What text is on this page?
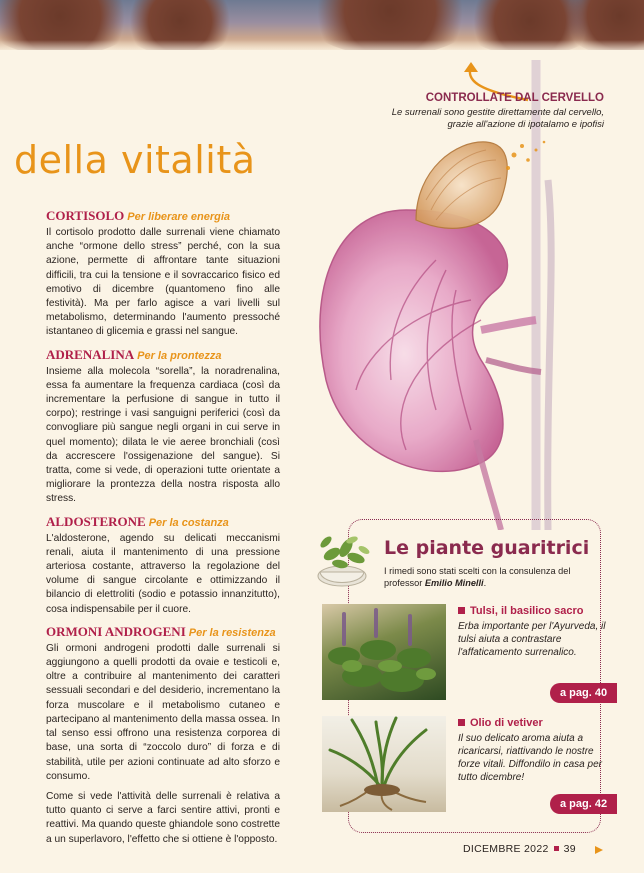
della vitalità
CONTROLLATE DAL CERVELLO
Le surrenali sono gestite direttamente dal cervello, grazie all'azione di ipotalamo e ipofisi
CORTISOLO Per liberare energia

Il cortisolo prodotto dalle surrenali viene chiamato anche “ormone dello stress” perché, con la sua azione, permette di affrontare tante situazioni difficili, tra cui la tensione e il sovraccarico fisico ed emotivo di dicembre (quantomeno fino alle festività). Ma per farlo agisce a vari livelli sul metabolismo, determinando l'aumento pressoché istantaneo di glicemia e grassi nel sangue.

ADRENALINA Per la prontezza

Insieme alla molecola “sorella”, la noradrenalina, essa fa aumentare la frequenza cardiaca (così da incrementare la perfusione di sangue in tutto il corpo); restringe i vasi sanguigni periferici (così da convogliare più sangue negli organi in cui serve in quel momento); dilata le vie aeree bronchiali (così da accrescere l'ossigenazione del sangue). Si tratta, come si vede, di operazioni tutte orientate a migliorare la prontezza della nostra risposta allo stress.

ALDOSTERONE Per la costanza

L'aldosterone, agendo su delicati meccanismi renali, aiuta il mantenimento di una pressione arteriosa costante, attraverso la regolazione del volume di sangue circolante e ottimizzando il bilancio di elettroliti (sodio e potassio innanzitutto), cosa indispensabile per il cuore.

ORMONI ANDROGENI Per la resistenza

Gli ormoni androgeni prodotti dalle surrenali si aggiungono a quelli prodotti da ovaie e testicoli e, oltre a contribuire al mantenimento dei caratteri sessuali secondari e del desiderio, incrementano la forza muscolare e il metabolismo cutaneo e partecipano al mantenimento della massa ossea. In tal senso essi offrono una resistenza corporea di base, una sorta di “zoccolo duro” di forza e di stabilità, utile per azioni continuate ad alto sforzo e consumo.

Come si vede l'attività delle surrenali è relativa a tutto quanto ci serve a farci sentire attivi, pronti e reattivi. Ma quando queste ghiandole sono costrette a un superlavoro, l'effetto che si ottiene è l'opposto.

Le piante guaritrici
I rimedi sono stati scelti con la consulenza del professor Emilio Minelli.
Tulsi, il basilico sacro
Erba importante per l'Ayurveda, il tulsi aiuta a contrastare l'affaticamento surrenalico.
a pag. 40
Olio di vetiver
Il suo delicato aroma aiuta a ricaricarsi, riattivando le nostre forze vitali. Diffondilo in casa per tutto dicembre!
a pag. 42
DICEMBRE 2022 39
